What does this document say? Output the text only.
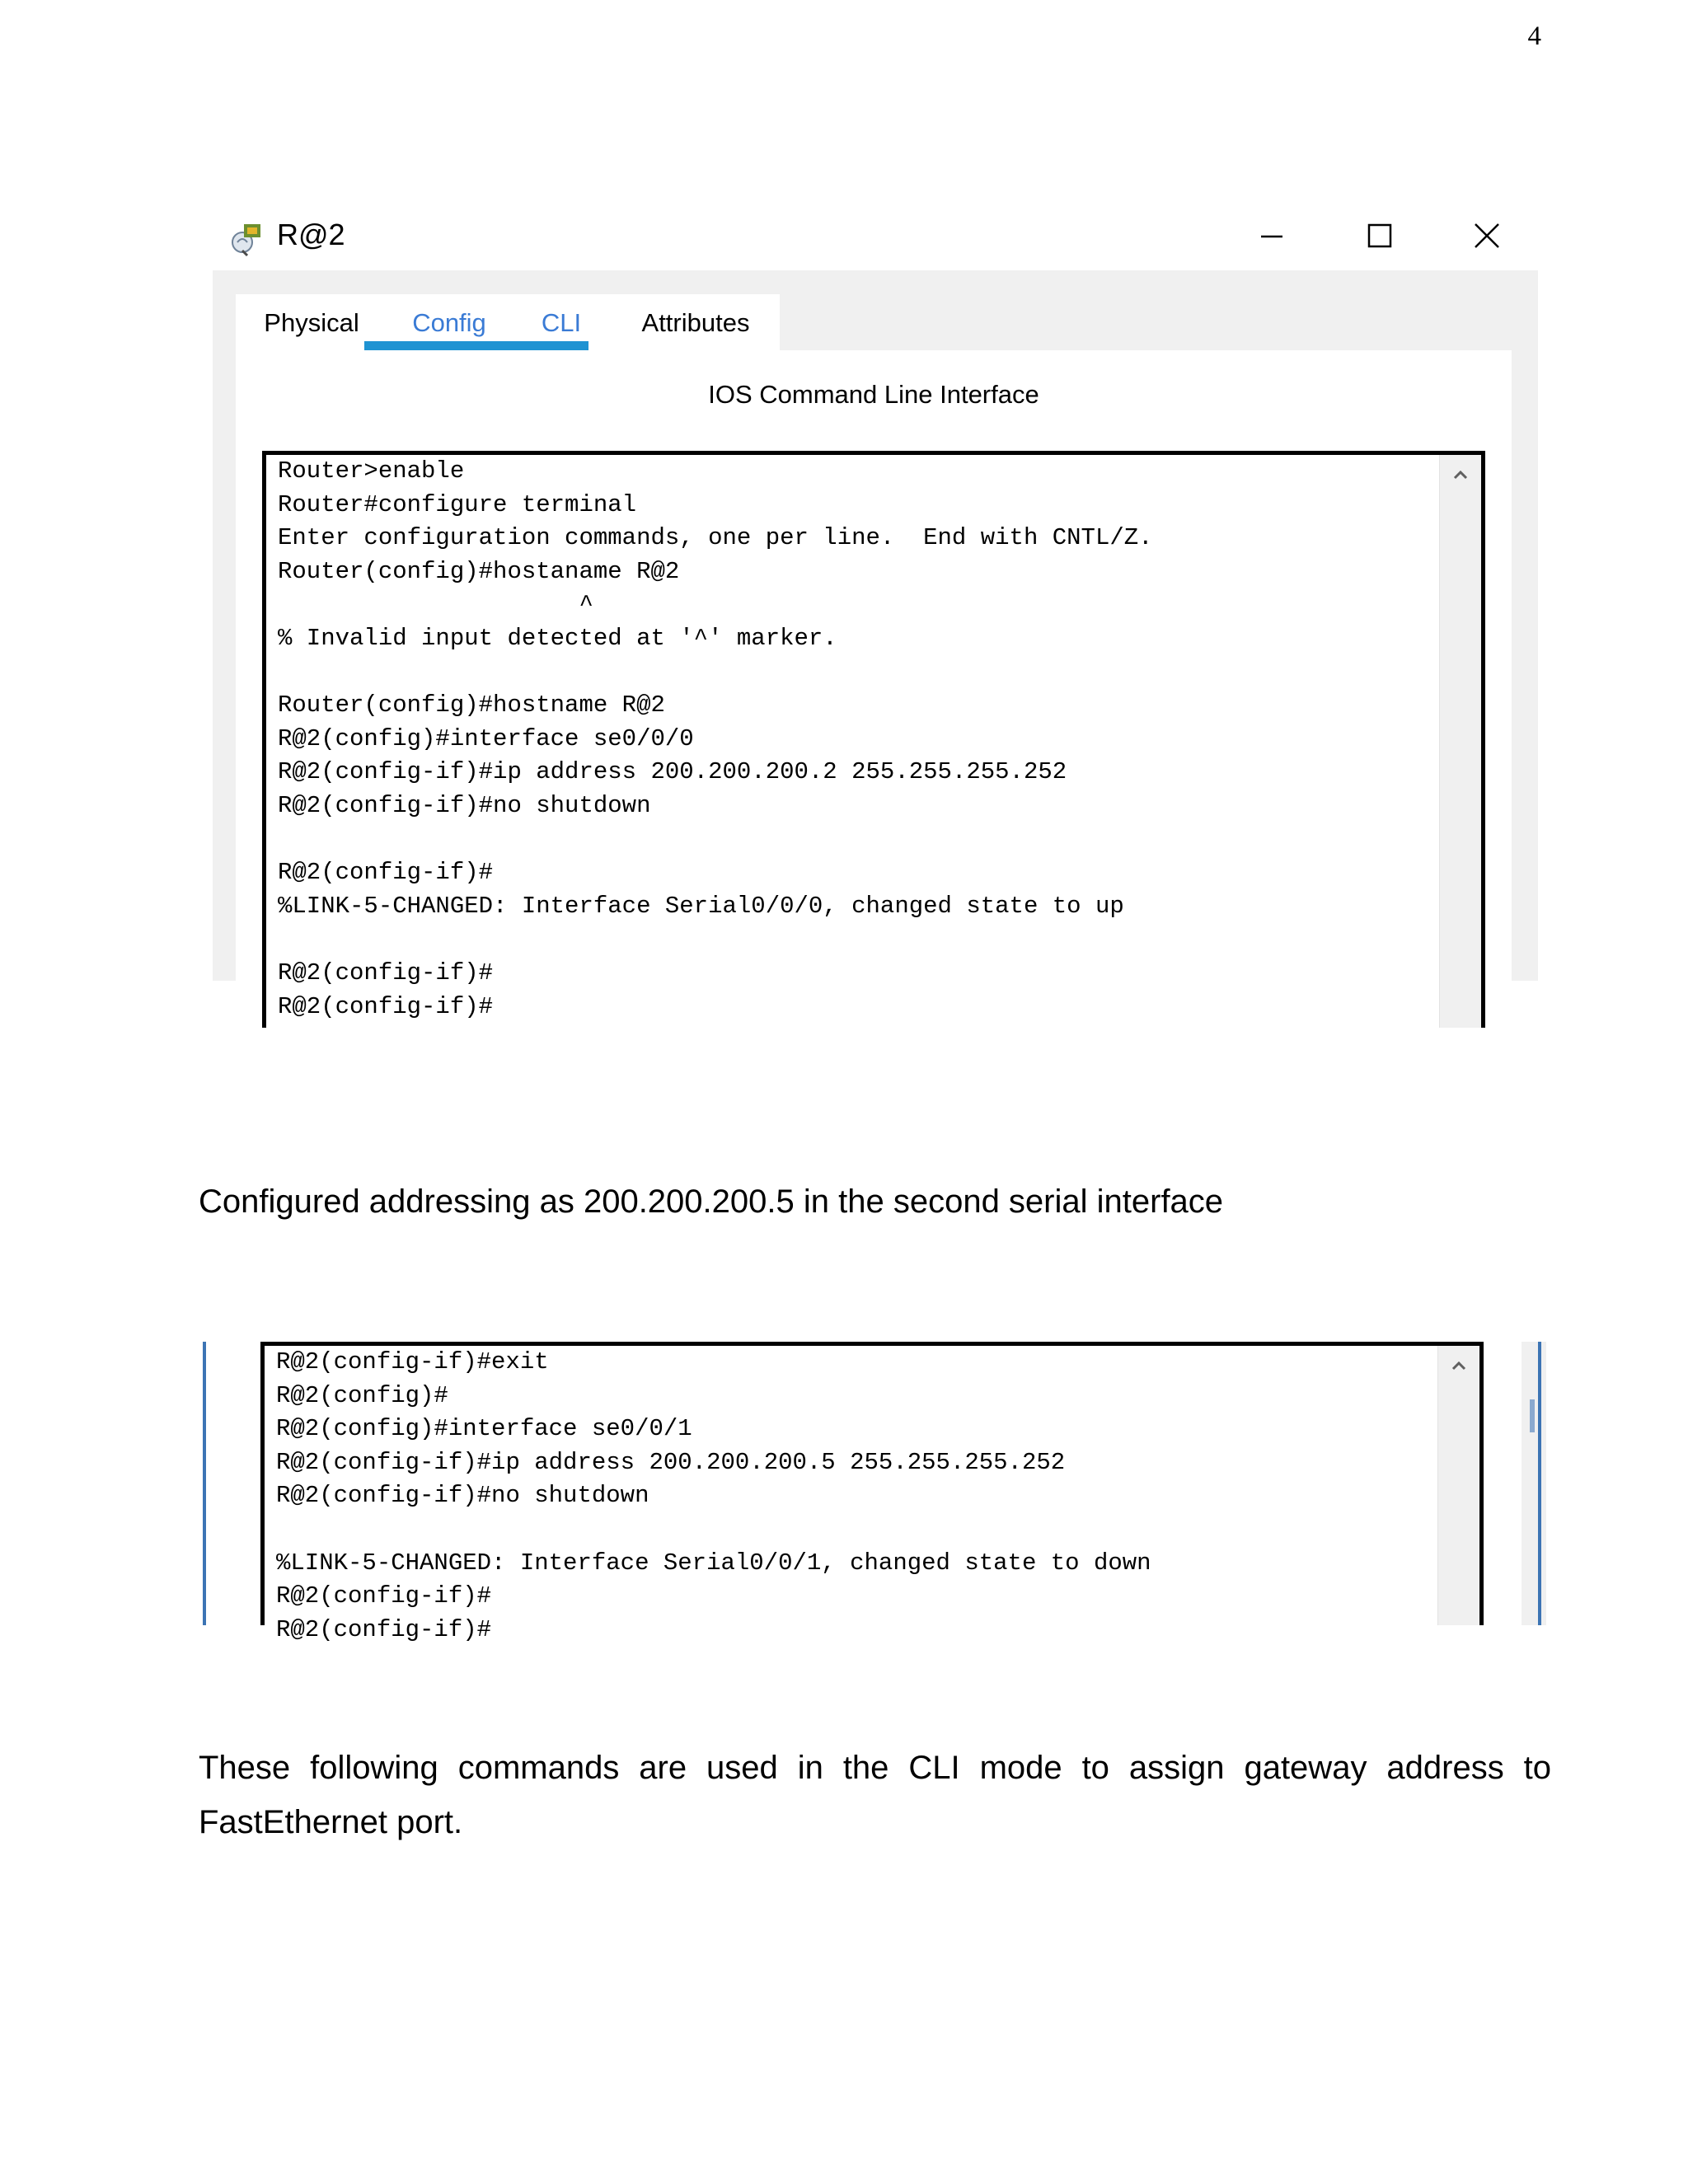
4
R@2
Physical	Config	CLI	Attributes
IOS Command Line Interface
Router>enable
Router#configure terminal
Enter configuration commands, one per line.  End with CNTL/Z.
Router(config)#hostaname R@2
^
% Invalid input detected at '^' marker.

Router(config)#hostname R@2
R@2(config)#interface se0/0/0
R@2(config-if)#ip address 200.200.200.2 255.255.255.252
R@2(config-if)#no shutdown

R@2(config-if)#
%LINK-5-CHANGED: Interface Serial0/0/0, changed state to up

R@2(config-if)#
R@2(config-if)#
Configured addressing as 200.200.200.5 in the second serial interface
R@2(config-if)#exit
R@2(config)#
R@2(config)#interface se0/0/1
R@2(config-if)#ip address 200.200.200.5 255.255.255.252
R@2(config-if)#no shutdown

%LINK-5-CHANGED: Interface Serial0/0/1, changed state to down
R@2(config-if)#
R@2(config-if)#
These following commands are used in the CLI mode to assign gateway address to FastEthernet port.
